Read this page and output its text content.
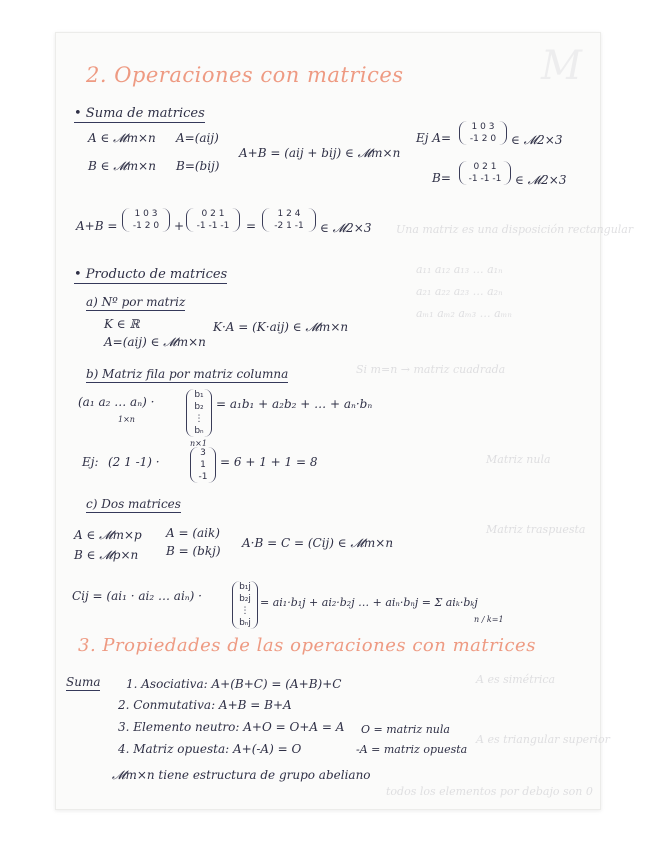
M
Una matriz es una disposición rectangular
a₁₁ a₁₂ a₁₃ … a₁ₙ
a₂₁ a₂₂ a₂₃ … a₂ₙ
aₘ₁ aₘ₂ aₘ₃ … aₘₙ
Si m=n → matriz cuadrada
Matriz nula
Matriz traspuesta
A es simétrica
A es triangular superior
todos los elementos por debajo son 0
2. Operaciones con matrices
• Suma de matrices
A ∈ 𝓜m×n A=(aij)
B ∈ 𝓜m×n B=(bij)
A+B = (aij + bij) ∈ 𝓜m×n
Ej A=
1 0 3
-1 2 0	∈ 𝓜2×3
B=
0 2 1
-1 -1 -1	∈ 𝓜2×3
A+B =
1 0 3
-1 2 0	+
0 2 1
-1 -1 -1	=
1 2 4
-2 1 -1	∈ 𝓜2×3
• Producto de matrices
a) Nº por matriz
K ∈ ℝ
A=(aij) ∈ 𝓜m×n
K·A = (K·aij) ∈ 𝓜m×n
b) Matriz fila por matriz columna
(a₁ a₂ … aₙ) ·
1×n
b₁
b₂
⋮
bₙ
n×1
= a₁b₁ + a₂b₂ + … + aₙ·bₙ
Ej: (2 1 -1) ·
3
1
-1
= 6 + 1 + 1 = 8
c) Dos matrices
A ∈ 𝓜m×p A = (aik)
B ∈ 𝓜p×n B = (bkj)
A·B = C = (Cij) ∈ 𝓜m×n
Cij = (ai₁ · ai₂ … aiₙ) ·
b₁j
b₂j
⋮
bₙj
= ai₁·b₁j + ai₂·b₂j … + aiₙ·bₙj = Σ aiₖ·bₖj
n / k=1
3. Propiedades de las operaciones con matrices
Suma 1. Asociativa: A+(B+C) = (A+B)+C
2. Conmutativa: A+B = B+A
3. Elemento neutro: A+O = O+A = A
4. Matriz opuesta: A+(-A) = O
O = matriz nula
-A = matriz opuesta
𝓜m×n tiene estructura de grupo abeliano
